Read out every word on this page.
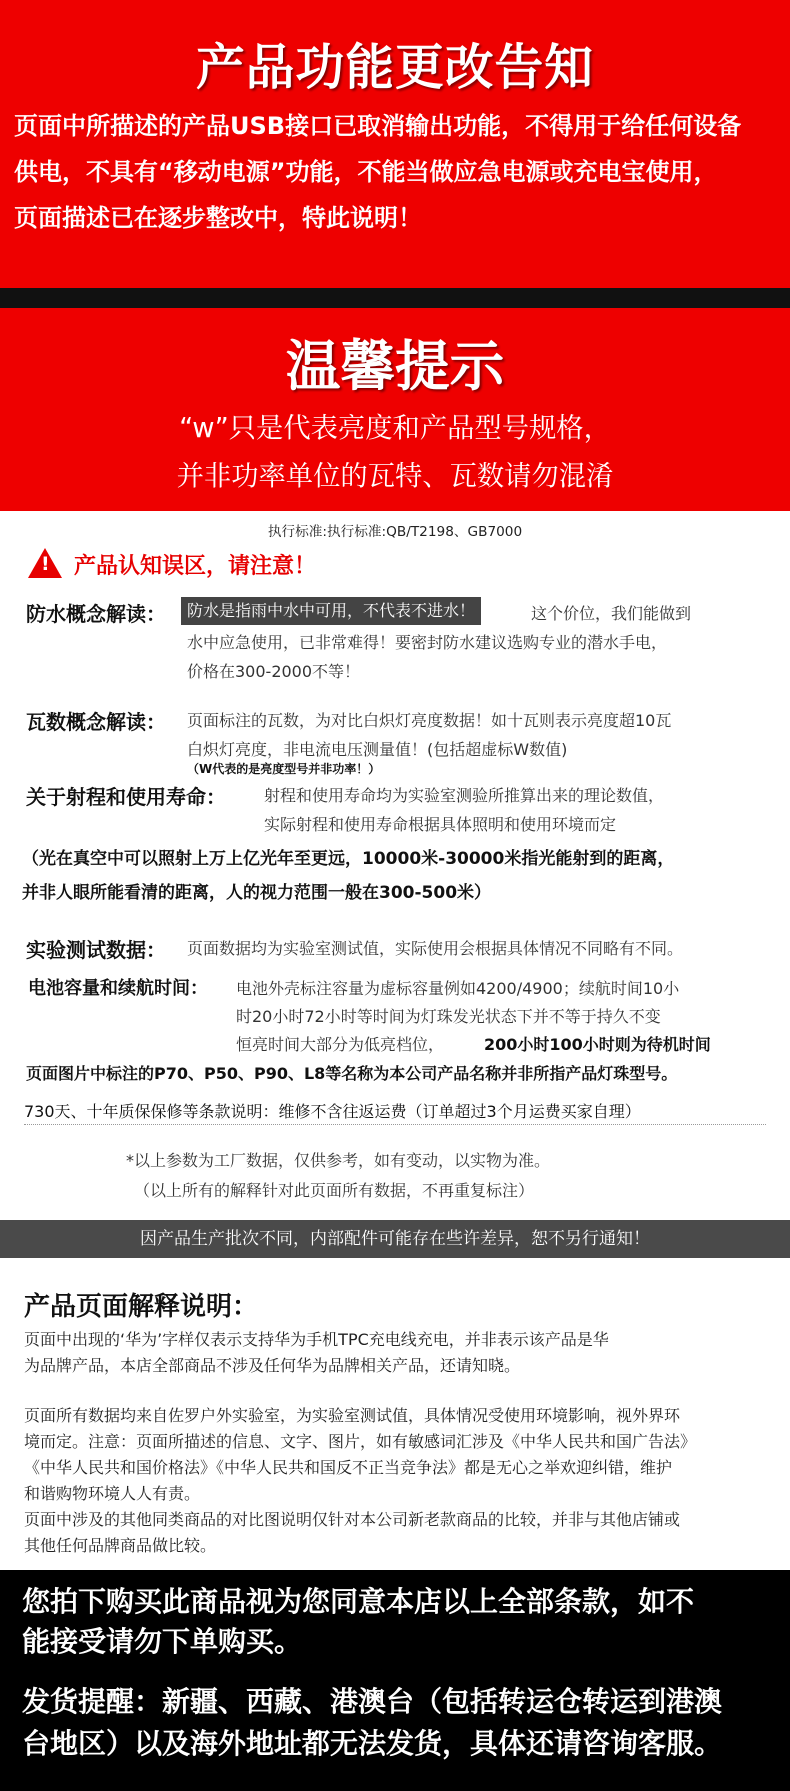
产品功能更改告知
页面中所描述的产品USB接口已取消输出功能，不得用于给任何设备
供电，不具有“移动电源”功能，不能当做应急电源或充电宝使用，
页面描述已在逐步整改中，特此说明！
温馨提示
“w”只是代表亮度和产品型号规格，
并非功率单位的瓦特、瓦数请勿混淆
执行标准:执行标准:QB/T2198、GB7000
! 产品认知误区，请注意！
防水概念解读：	防水是指雨中水中可用，不代表不进水！	这个价位，我们能做到
水中应急使用，已非常难得！要密封防水建议选购专业的潜水手电，
价格在300-2000不等！
瓦数概念解读： 页面标注的瓦数，为对比白炽灯亮度数据！如十瓦则表示亮度超10瓦
白炽灯亮度，非电流电压测量值！(包括超虚标W数值)
（W代表的是亮度型号并非功率！）
关于射程和使用寿命： 射程和使用寿命均为实验室测验所推算出来的理论数值，
实际射程和使用寿命根据具体照明和使用环境而定
（光在真空中可以照射上万上亿光年至更远，10000米-30000米指光能射到的距离，
并非人眼所能看清的距离，人的视力范围一般在300-500米）
实验测试数据： 页面数据均为实验室测试值，实际使用会根据具体情况不同略有不同。
电池容量和续航时间： 电池外壳标注容量为虚标容量例如4200/4900；续航时间10小
时20小时72小时等时间为灯珠发光状态下并不等于持久不变
恒亮时间大部分为低亮档位， 200小时100小时则为待机时间
页面图片中标注的P70、P50、P90、L8等名称为本公司产品名称并非所指产品灯珠型号。
730天、十年质保保修等条款说明：维修不含往返运费（订单超过3个月运费买家自理）
*以上参数为工厂数据，仅供参考，如有变动，以实物为准。
（以上所有的解释针对此页面所有数据，不再重复标注）
因产品生产批次不同，内部配件可能存在些许差异，恕不另行通知！
产品页面解释说明：
页面中出现的‘华为’字样仅表示支持华为手机TPC充电线充电，并非表示该产品是华
为品牌产品，本店全部商品不涉及任何华为品牌相关产品，还请知晓。
页面所有数据均来自佐罗户外实验室，为实验室测试值，具体情况受使用环境影响，视外界环
境而定。注意：页面所描述的信息、文字、图片，如有敏感词汇涉及《中华人民共和国广告法》
《中华人民共和国价格法》《中华人民共和国反不正当竞争法》都是无心之举欢迎纠错，维护
和谐购物环境人人有责。
页面中涉及的其他同类商品的对比图说明仅针对本公司新老款商品的比较，并非与其他店铺或
其他任何品牌商品做比较。
您拍下购买此商品视为您同意本店以上全部条款，如不
能接受请勿下单购买。
发货提醒：新疆、西藏、港澳台（包括转运仓转运到港澳
台地区）以及海外地址都无法发货，具体还请咨询客服。
